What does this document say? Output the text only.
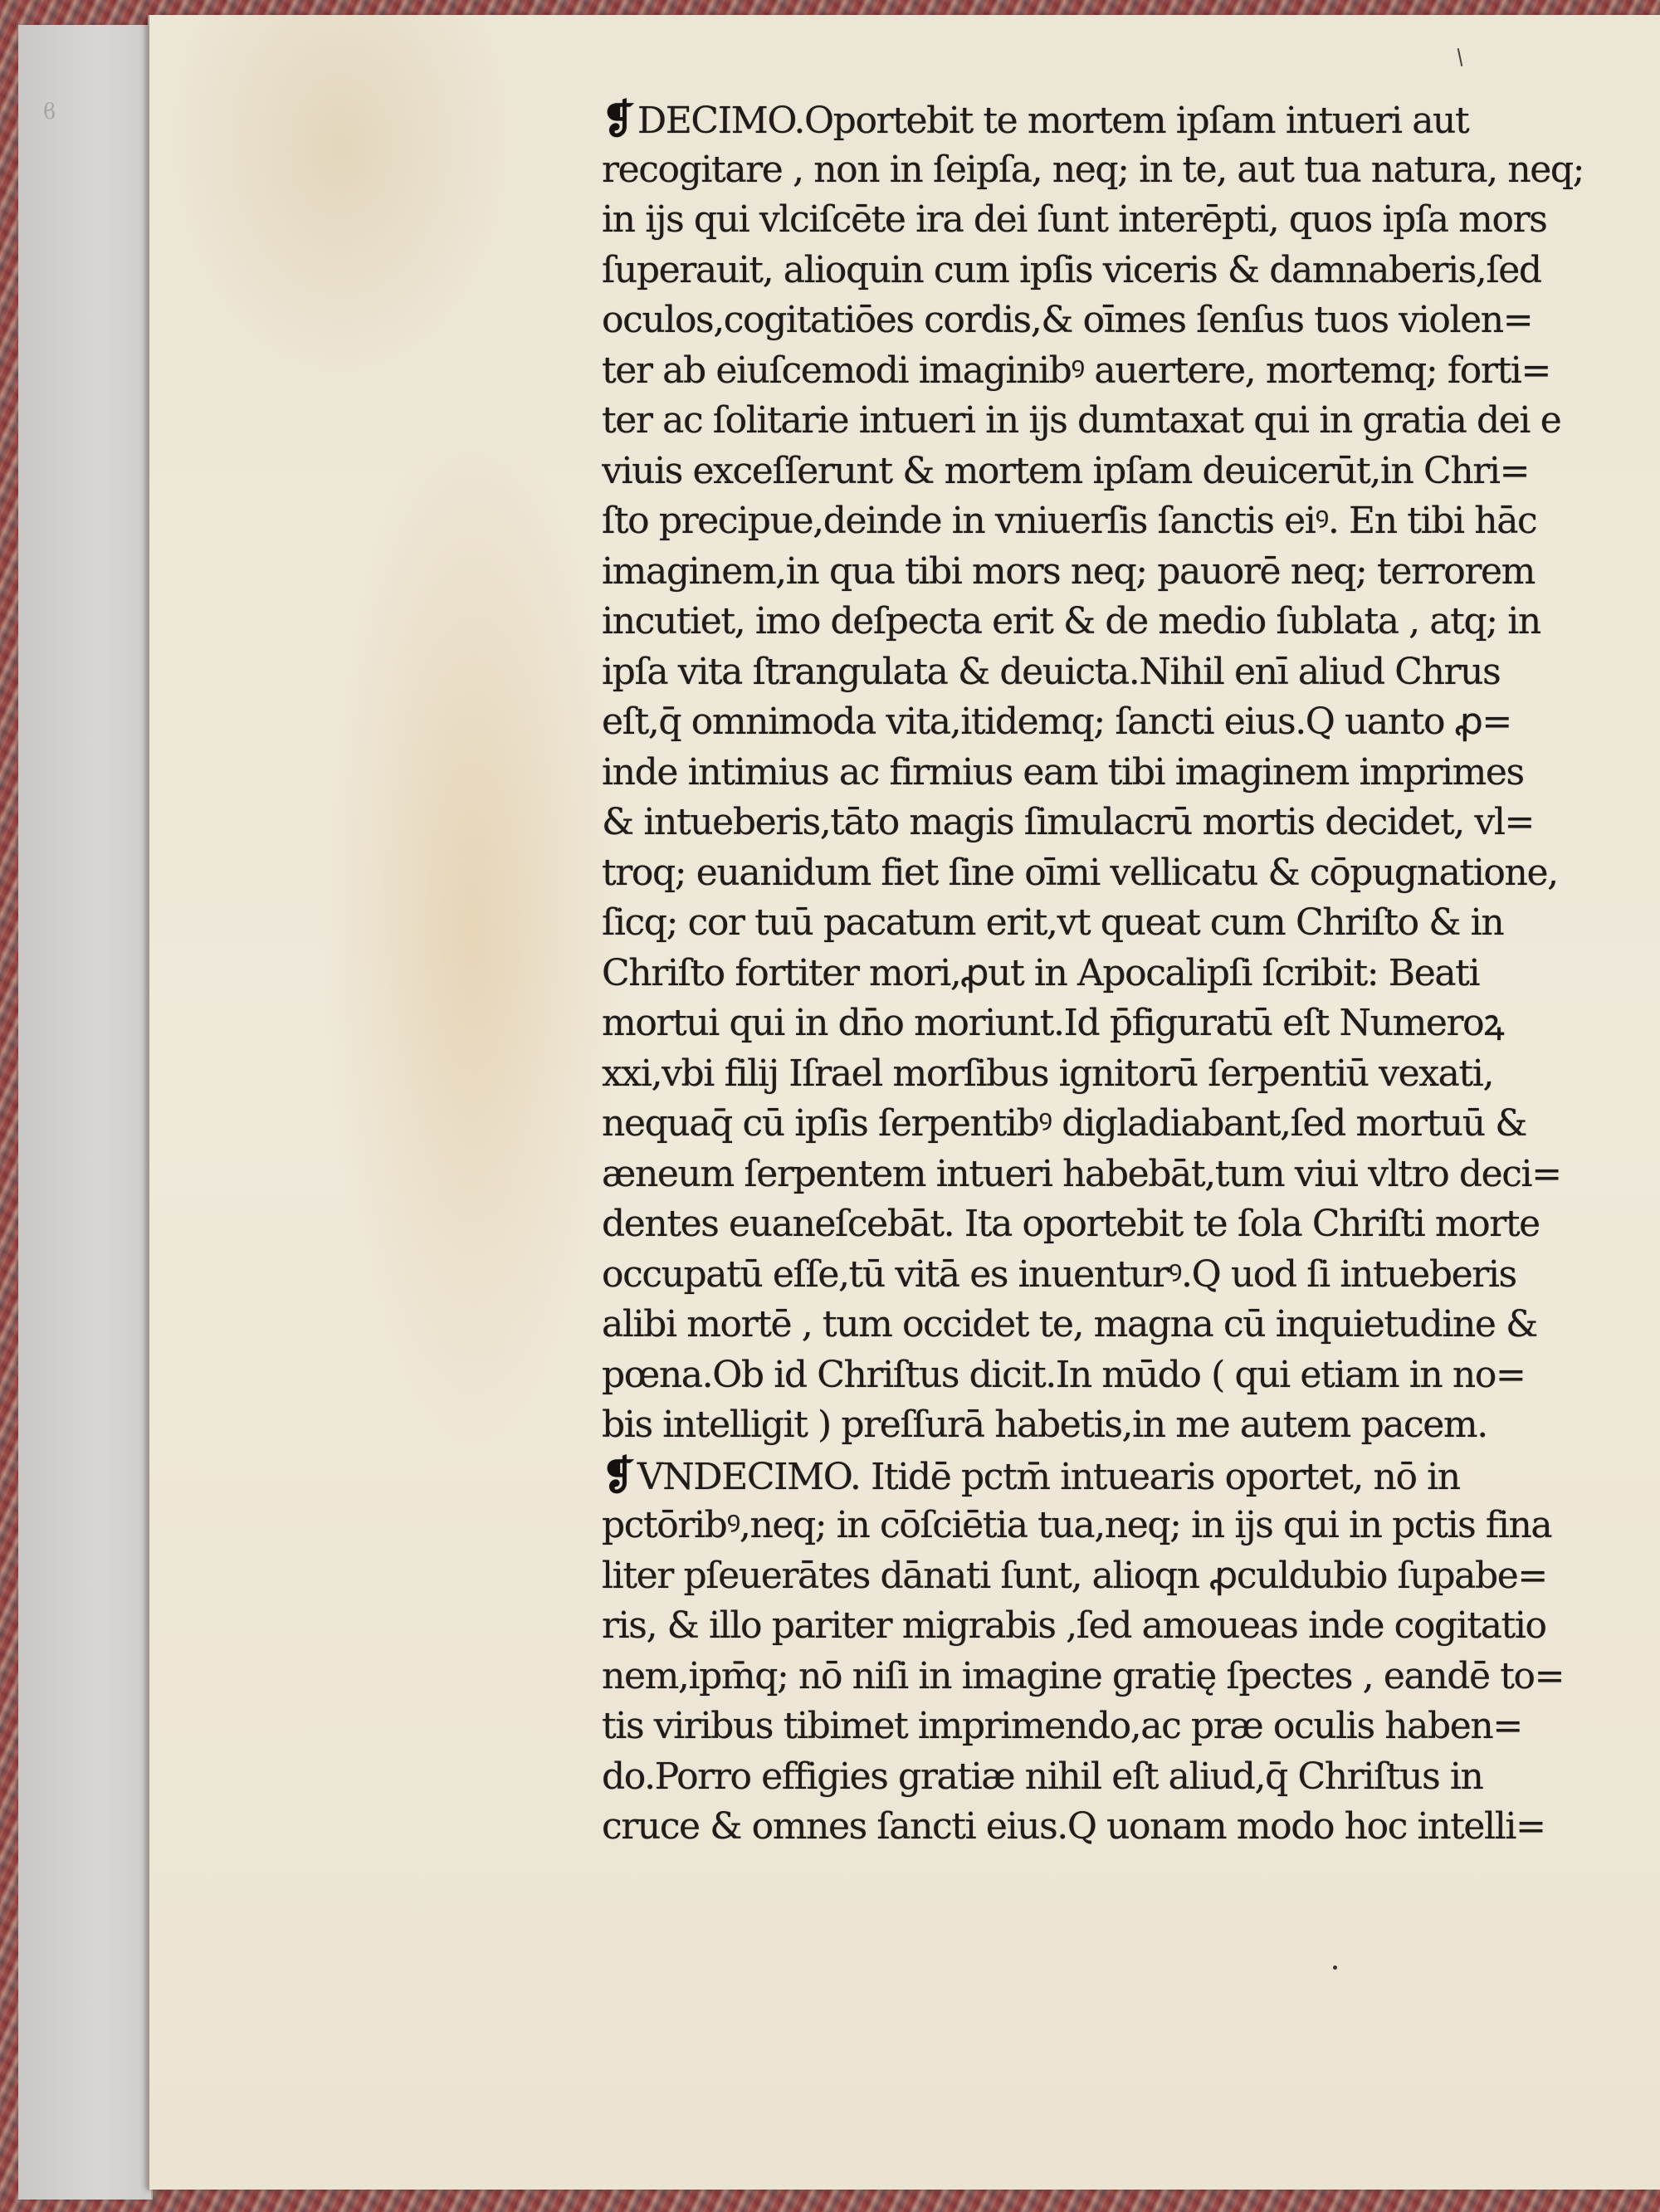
ϐ	❡DECIMO.Oportebit te mortem ipſam intueri aut
recogitare , non in ſeipſa, neq; in te, aut tua natura, neq;
in ijs qui vlciſcēte ira dei ſunt interēpti, quos ipſa mors
ſuperauit, alioquin cum ipſis viceris & damnaberis,ſed
oculos,cogitatiōes cordis,& oīmes ſenſus tuos violen=
ter ab eiuſcemodi imaginibꝰ auertere, mortemq; forti=
ter ac ſolitarie intueri in ijs dumtaxat qui in gratia dei e
viuis exceſſerunt & mortem ipſam deuicerūt,in Chri=
ſto precipue,deinde in vniuerſis ſanctis eiꝰ. En tibi hāc
imaginem,in qua tibi mors neq; pauorē neq; terrorem
incutiet, imo deſpecta erit & de medio ſublata , atq; in
ipſa vita ſtrangulata & deuicta.Nihil enī aliud Chrus
eſt,q̄ omnimoda vita,itidemq; ſancti eius.Q uanto ꝓ=
inde intimius ac firmius eam tibi imaginem imprimes
& intueberis,tāto magis ſimulacrū mortis decidet, vl=
troq; euanidum fiet ſine oīmi vellicatu & cōpugnatione,
ſicq; cor tuū pacatum erit,vt queat cum Chriſto & in
Chriſto fortiter mori,ꝓut in Apocalipſi ſcribit: Beati
mortui qui in dn̄o moriunt.Id p̄figuratū eſt Numeroꝝ
xxi,vbi filij Iſrael morſibus ignitorū ſerpentiū vexati,
nequaq̄ cū ipſis ſerpentibꝰ digladiabant,ſed mortuū &
æneum ſerpentem intueri habebāt,tum viui vltro deci=
dentes euaneſcebāt. Ita oportebit te ſola Chriſti morte
occupatū eſſe,tū vitā es inuenturꝰ.Q uod ſi intueberis
alibi mortē , tum occidet te, magna cū inquietudine &
pœna.Ob id Chriſtus dicit.In mūdo ( qui etiam in no=
bis intelligit ) preſſurā habetis,in me autem pacem.
❡VNDECIMO. Itidē pctm̄ intuearis oportet, nō in
pctōribꝰ,neq; in cōſciētia tua,neq; in ijs qui in pctis fina
liter pſeuerātes dānati ſunt, alioqn ꝓculdubio ſupabe=
ris, & illo pariter migrabis ,ſed amoueas inde cogitatio
nem,ipm̄q; nō niſi in imagine gratię ſpectes , eandē to=
tis viribus tibimet imprimendo,ac præ oculis haben=
do.Porro effigies gratiæ nihil eſt aliud,q̄ Chriſtus in
cruce & omnes ſancti eius.Q uonam modo hoc intelli=
